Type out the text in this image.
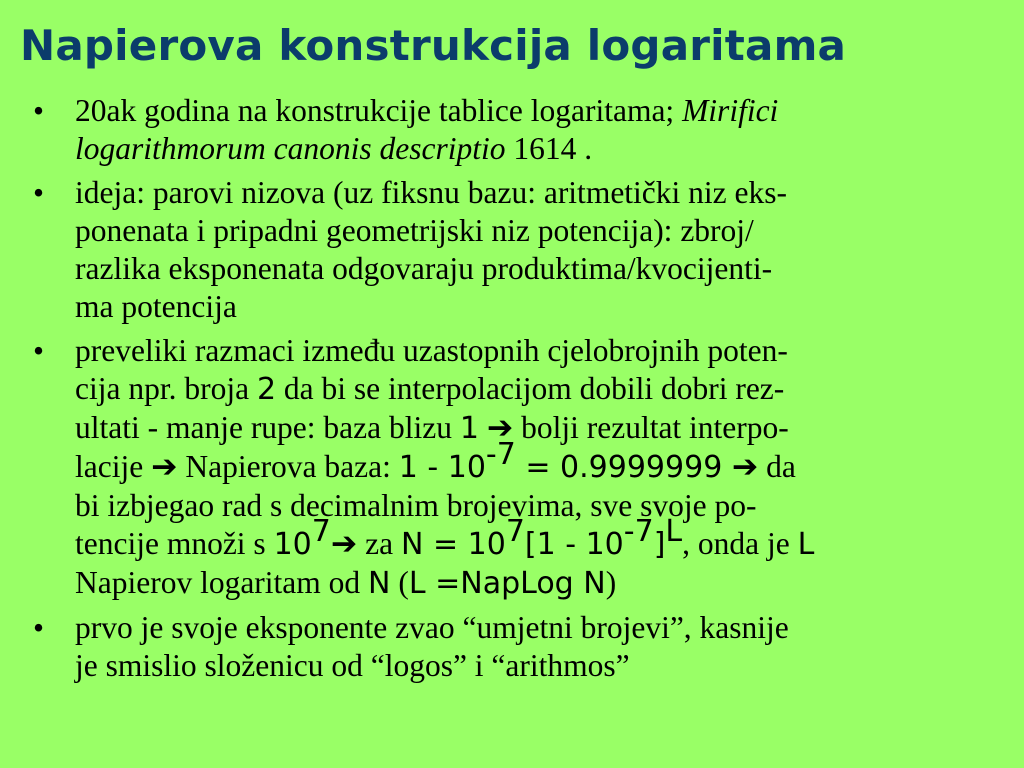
Napierova konstrukcija logaritama
• 20ak godina na konstrukcije tablice logaritama; Mirifici
logarithmorum canonis descriptio 1614 .
• ideja: parovi nizova (uz fiksnu bazu: aritmetički niz eks-
ponenata i pripadni geometrijski niz potencija): zbroj/
razlika eksponenata odgovaraju produktima/kvocijenti-
ma potencija
• preveliki razmaci između uzastopnih cjelobrojnih poten-
cija npr. broja 2 da bi se interpolacijom dobili dobri rez-
ultati - manje rupe: baza blizu 1 ➔ bolji rezultat interpo-
lacije ➔ Napierova baza: $1 - 10^{-7} = 0.9999999$ ➔ da
bi izbjegao rad s decimalnim brojevima, sve svoje po-
tencije množi s $10^7➔$ za $N = 10^7[1 - 10^{-7}]^L$, onda je L
Napierov logaritam od N (L =NapLog N)
• prvo je svoje eksponente zvao “umjetni brojevi”, kasnije
je smislio složenicu od “logos” i “arithmos”
